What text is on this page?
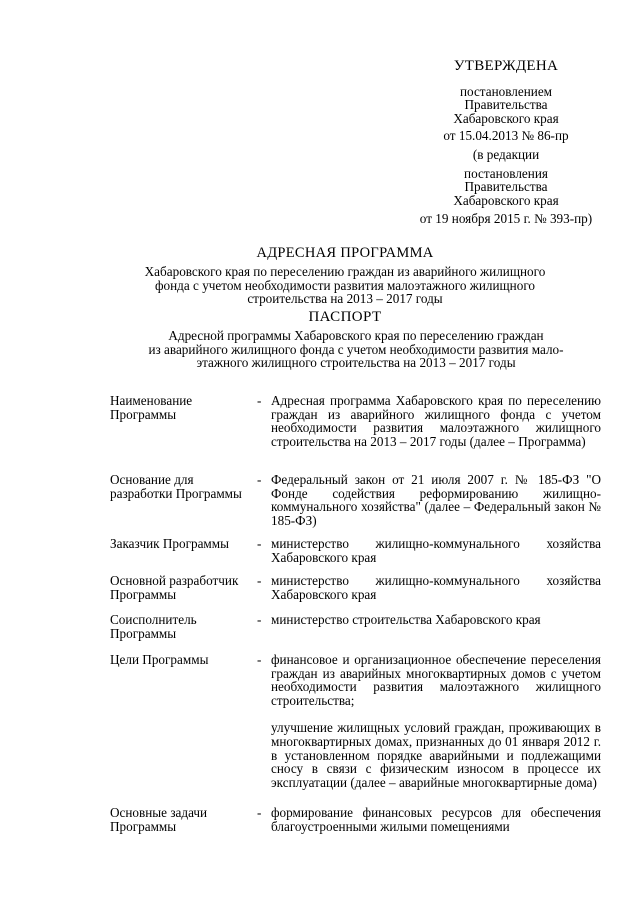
УТВЕРЖДЕНА
постановлением
Правительства
Хабаровского края
от 15.04.2013 № 86-пр
(в редакции
постановления
Правительства
Хабаровского края
от 19 ноября 2015 г. № 393-пр)
АДРЕСНАЯ ПРОГРАММА
Хабаровского края по переселению граждан из аварийного жилищного
фонда с учетом необходимости развития малоэтажного жилищного
строительства на 2013 – 2017 годы
ПАСПОРТ
Адресной программы Хабаровского края по переселению граждан
из аварийного жилищного фонда с учетом необходимости развития мало-
этажного жилищного строительства на 2013 – 2017 годы
Наименование Программы
- Адресная программа Хабаровского края по переселению граждан из аварийного жилищного фонда с учетом необходимости развития малоэтажного жилищного строительства на 2013 – 2017 годы (далее – Программа)

Основание для разработки Программы
- Федеральный закон от 21 июля 2007 г. № 185-ФЗ "О Фонде содействия реформированию жилищно-коммунального хозяйства" (далее – Федеральный закон № 185-ФЗ)

Заказчик Программы	- министерство жилищно-коммунального хозяйства Хабаровского края

Основной разработчик Программы
- министерство жилищно-коммунального хозяйства Хабаровского края

Соисполнитель Программы
- министерство строительства Хабаровского края

Цели Программы	- финансовое и организационное обеспечение переселения граждан из аварийных многоквартирных домов с учетом необходимости развития малоэтажного жилищного строительства;

улучшение жилищных условий граждан, проживающих в многоквартирных домах, признанных до 01 января 2012 г. в установленном порядке аварийными и подлежащими сносу в связи с физическим износом в процессе их эксплуатации (далее – аварийные многоквартирные дома)

Основные задачи Программы
- формирование финансовых ресурсов для обеспечения благоустроенными жилыми помещениями
